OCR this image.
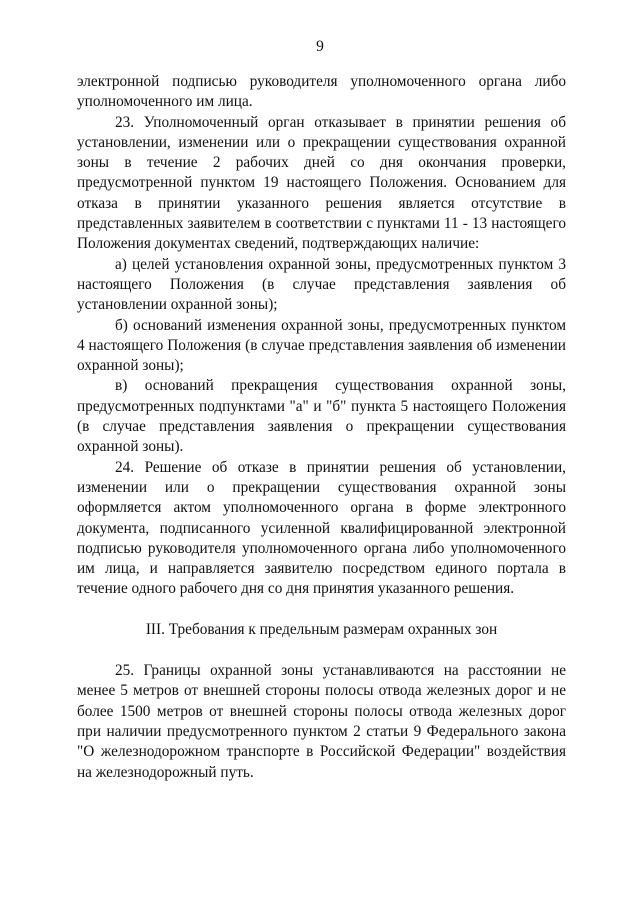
9

электронной подписью руководителя уполномоченного органа либо уполномоченного им лица.

23. Уполномоченный орган отказывает в принятии решения об установлении, изменении или о прекращении существования охранной зоны в течение 2 рабочих дней со дня окончания проверки, предусмотренной пунктом 19 настоящего Положения. Основанием для отказа в принятии указанного решения является отсутствие в представленных заявителем в соответствии с пунктами 11 - 13 настоящего Положения документах сведений, подтверждающих наличие:

а) целей установления охранной зоны, предусмотренных пунктом 3 настоящего Положения (в случае представления заявления об установлении охранной зоны);

б) оснований изменения охранной зоны, предусмотренных пунктом 4 настоящего Положения (в случае представления заявления об изменении охранной зоны);

в) оснований прекращения существования охранной зоны, предусмотренных подпунктами "а" и "б" пункта 5 настоящего Положения (в случае представления заявления о прекращении существования охранной зоны).

24. Решение об отказе в принятии решения об установлении, изменении или о прекращении существования охранной зоны оформляется актом уполномоченного органа в форме электронного документа, подписанного усиленной квалифицированной электронной подписью руководителя уполномоченного органа либо уполномоченного им лица, и направляется заявителю посредством единого портала в течение одного рабочего дня со дня принятия указанного решения.

III. Требования к предельным размерам охранных зон

25. Границы охранной зоны устанавливаются на расстоянии не менее 5 метров от внешней стороны полосы отвода железных дорог и не более 1500 метров от внешней стороны полосы отвода железных дорог при наличии предусмотренного пунктом 2 статьи 9 Федерального закона "О железнодорожном транспорте в Российской Федерации" воздействия на железнодорожный путь.
